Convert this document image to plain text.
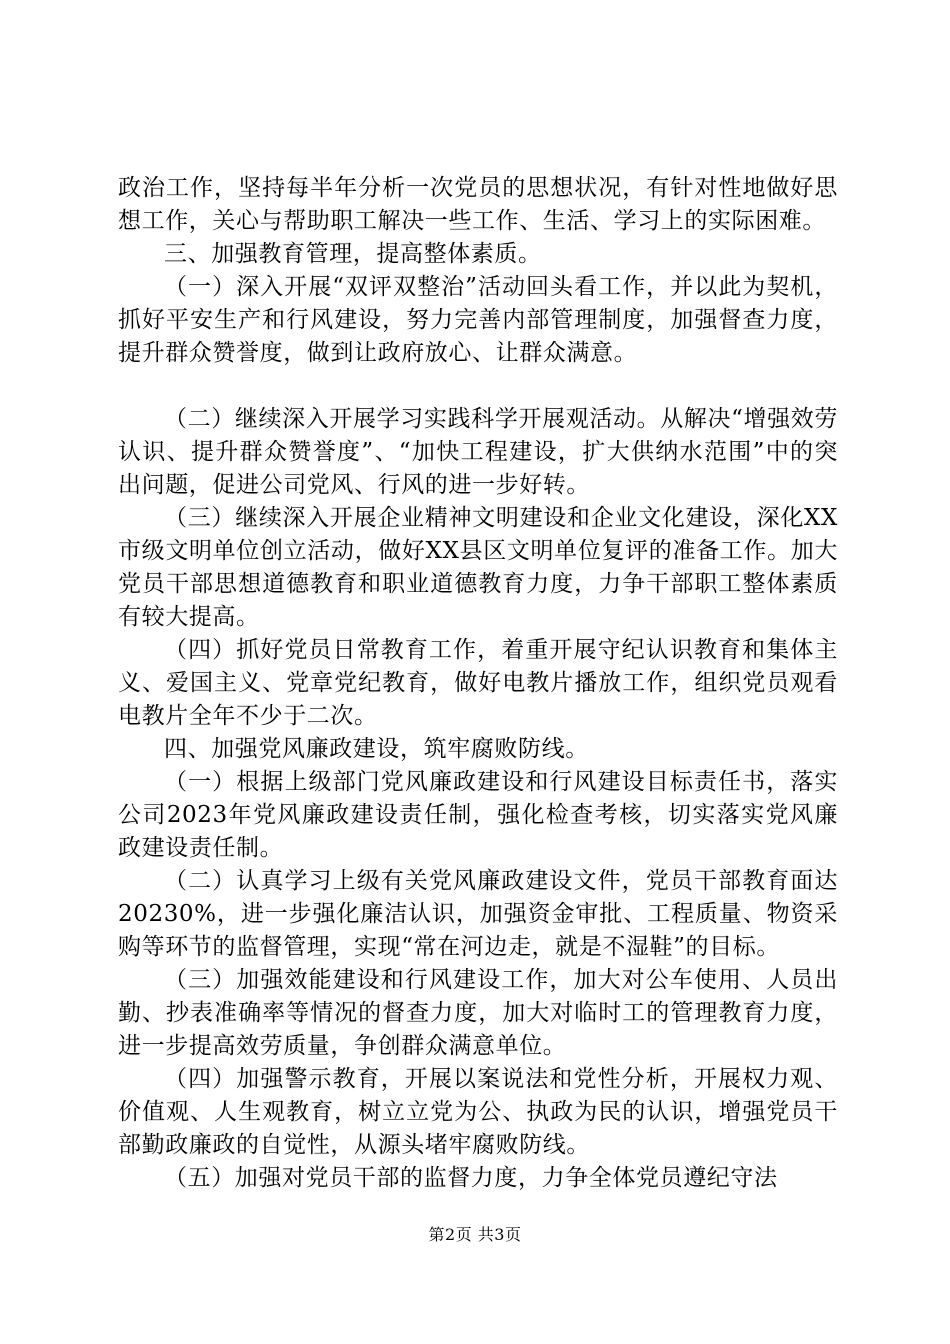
政治工作，坚持每半年分析一次党员的思想状况，有针对性地做好思想工作，关心与帮助职工解决一些工作、生活、学习上的实际困难。

三、加强教育管理，提高整体素质。

（一）深入开展“双评双整治”活动回头看工作，并以此为契机，抓好平安生产和行风建设，努力完善内部管理制度，加强督查力度，提升群众赞誉度，做到让政府放心、让群众满意。

（二）继续深入开展学习实践科学开展观活动。从解决“增强效劳认识、提升群众赞誉度”、“加快工程建设，扩大供纳水范围”中的突出问题，促进公司党风、行风的进一步好转。

（三）继续深入开展企业精神文明建设和企业文化建设，深化XX市级文明单位创立活动，做好XX县区文明单位复评的准备工作。加大党员干部思想道德教育和职业道德教育力度，力争干部职工整体素质有较大提高。

（四）抓好党员日常教育工作，着重开展守纪认识教育和集体主义、爱国主义、党章党纪教育，做好电教片播放工作，组织党员观看电教片全年不少于二次。

四、加强党风廉政建设，筑牢腐败防线。

（一）根据上级部门党风廉政建设和行风建设目标责任书，落实公司2023年党风廉政建设责任制，强化检查考核，切实落实党风廉政建设责任制。

（二）认真学习上级有关党风廉政建设文件，党员干部教育面达20230%，进一步强化廉洁认识，加强资金审批、工程质量、物资采购等环节的监督管理，实现“常在河边走，就是不湿鞋”的目标。

（三）加强效能建设和行风建设工作，加大对公车使用、人员出勤、抄表准确率等情况的督查力度，加大对临时工的管理教育力度，进一步提高效劳质量，争创群众满意单位。

（四）加强警示教育，开展以案说法和党性分析，开展权力观、价值观、人生观教育，树立立党为公、执政为民的认识，增强党员干部勤政廉政的自觉性，从源头堵牢腐败防线。

（五）加强对党员干部的监督力度，力争全体党员遵纪守法

第2页 共3页
